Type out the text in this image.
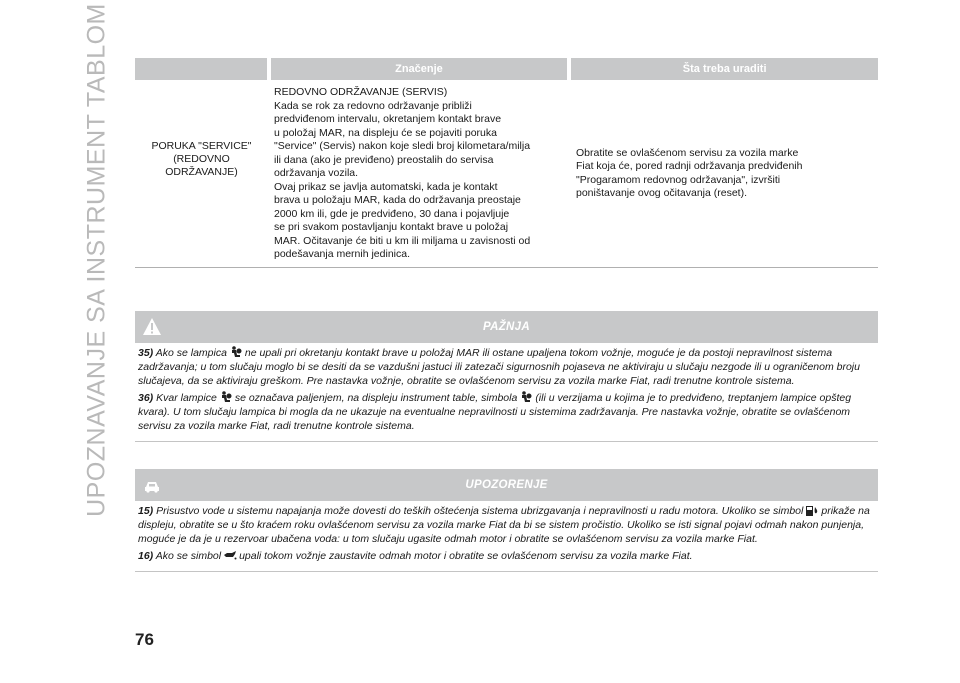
UPOZNAVANJE SA INSTRUMENT TABLOM	Značenje	Šta treba uraditi
PORUKA "SERVICE"
(REDOVNO
ODRŽAVANJE)
REDOVNO ODRŽAVANJE (SERVIS)
Kada se rok za redovno održavanje približi
predviđenom intervalu, okretanjem kontakt brave
u položaj MAR, na displeju će se pojaviti poruka
"Service" (Servis) nakon koje sledi broj kilometara/milja
ili dana (ako je previđeno) preostalih do servisa
održavanja vozila.
Ovaj prikaz se javlja automatski, kada je kontakt
brava u položaju MAR, kada do održavanja preostaje
2000 km ili, gde je predviđeno, 30 dana i pojavljuje
se pri svakom postavljanju kontakt brave u položaj
MAR. Očitavanje će biti u km ili miljama u zavisnosti od
podešavanja mernih jedinica.
Obratite se ovlašćenom servisu za vozila marke
Fiat koja će, pored radnji održavanja predviđenih
"Progaramom redovnog održavanja", izvršiti
poništavanje ovog očitavanja (reset).
PAŽNJA

35) Ako se lampica ne upali pri okretanju kontakt brave u položaj MAR ili ostane upaljena tokom vožnje, moguće je da postoji nepravilnost sistema zadržavanja; u tom slučaju moglo bi se desiti da se vazdušni jastuci ili zatezači sigurnosnih pojaseva ne aktiviraju u slučaju nezgode ili u ograničenom broju slučajeva, da se aktiviraju greškom. Pre nastavka vožnje, obratite se ovlašćenom servisu za vozila marke Fiat, radi trenutne kontrole sistema.

36) Kvar lampice se označava paljenjem, na displeju instrument table, simbola (ili u verzijama u kojima je to predviđeno, treptanjem lampice opšteg kvara). U tom slučaju lampica bi mogla da ne ukazuje na eventualne nepravilnosti u sistemima zadržavanja. Pre nastavka vožnje, obratite se ovlašćenom servisu za vozila marke Fiat, radi trenutne kontrole sistema.

UPOZORENJE

15) Prisustvo vode u sistemu napajanja može dovesti do teških oštećenja sistema ubrizgavanja i nepravilnosti u radu motora. Ukoliko se simbol prikaže na displeju, obratite se u što kraćem roku ovlašćenom servisu za vozila marke Fiat da bi se sistem pročistio. Ukoliko se isti signal pojavi odmah nakon punjenja, moguće je da je u rezervoar ubačena voda: u tom slučaju ugasite odmah motor i obratite se ovlašćenom servisu za vozila marke Fiat.

16) Ako se simbol upali tokom vožnje zaustavite odmah motor i obratite se ovlašćenom servisu za vozila marke Fiat.

76
